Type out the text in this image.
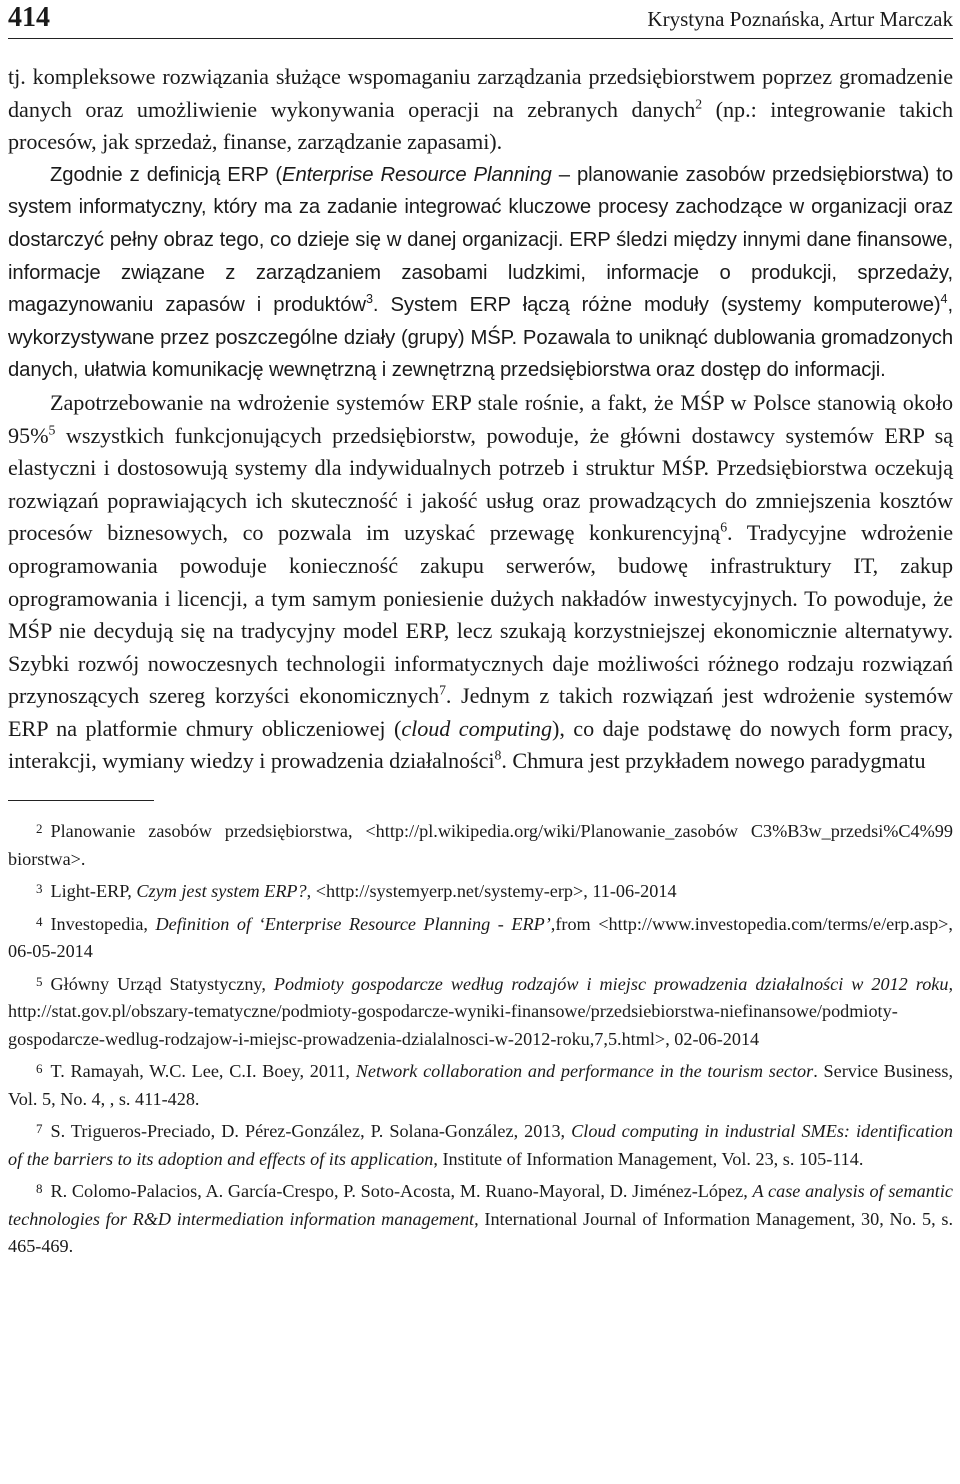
414	Krystyna Poznańska, Artur Marczak

tj. kompleksowe rozwiązania służące wspomaganiu zarządzania przedsiębiorstwem poprzez gromadzenie danych oraz umożliwienie wykonywania operacji na zebranych danych$^2$ (np.: integrowanie takich procesów, jak sprzedaż, finanse, zarządzanie zapasami).

Zgodnie z definicją ERP (Enterprise Resource Planning – planowanie zasobów przedsiębiorstwa) to system informatyczny, który ma za zadanie integrować kluczowe procesy zachodzące w organizacji oraz dostarczyć pełny obraz tego, co dzieje się w danej organizacji. ERP śledzi między innymi dane finansowe, informacje związane z zarządzaniem zasobami ludzkimi, informacje o produkcji, sprzedaży, magazynowaniu zapasów i produktów$^3$. System ERP łączą różne moduły (systemy komputerowe)$^4$, wykorzystywane przez poszczególne działy (grupy) MŚP. Pozawala to uniknąć dublowania gromadzonych danych, ułatwia komunikację wewnętrzną i zewnętrzną przedsiębiorstwa oraz dostęp do informacji.

Zapotrzebowanie na wdrożenie systemów ERP stale rośnie, a fakt, że MŚP w Polsce stanowią około 95%$^5$ wszystkich funkcjonujących przedsiębiorstw, powoduje, że główni dostawcy systemów ERP są elastyczni i dostosowują systemy dla indywidualnych potrzeb i struktur MŚP. Przedsiębiorstwa oczekują rozwiązań poprawiających ich skuteczność i jakość usług oraz prowadzących do zmniejszenia kosztów procesów biznesowych, co pozwala im uzyskać przewagę konkurencyjną$^6$. Tradycyjne wdrożenie oprogramowania powoduje konieczność zakupu serwerów, budowę infrastruktury IT, zakup oprogramowania i licencji, a tym samym poniesienie dużych nakładów inwestycyjnych. To powoduje, że MŚP nie decydują się na tradycyjny model ERP, lecz szukają korzystniejszej ekonomicznie alternatywy. Szybki rozwój nowoczesnych technologii informatycznych daje możliwości różnego rodzaju rozwiązań przynoszących szereg korzyści ekonomicznych$^7$. Jednym z takich rozwiązań jest wdrożenie systemów ERP na platformie chmury obliczeniowej (cloud computing), co daje podstawę do nowych form pracy, interakcji, wymiany wiedzy i prowadzenia działalności$^8$. Chmura jest przykładem nowego paradygmatu

$^2$ Planowanie zasobów przedsiębiorstwa, <http://pl.wikipedia.org/wiki/Planowanie_zasobów C3%B3w_przedsi%C4%99 biorstwa>.

$^3$ Light-ERP, Czym jest system ERP?, <http://systemyerp.net/systemy-erp>, 11-06-2014

$^4$ Investopedia, Definition of ‘Enterprise Resource Planning - ERP’,from <http://www.investopedia.com/terms/e/erp.asp>, 06-05-2014

$^5$ Główny Urząd Statystyczny, Podmioty gospodarcze według rodzajów i miejsc prowadzenia działalności w 2012 roku, http://stat.gov.pl/obszary-tematyczne/podmioty-gospodarcze-wyniki-finansowe/przedsiebiorstwa-niefinansowe/podmioty-gospodarcze-wedlug-rodzajow-i-miejsc-prowadzenia-dzialalnosci-w-2012-roku,7,5.html>, 02-06-2014

$^6$ T. Ramayah, W.C. Lee, C.I. Boey, 2011, Network collaboration and performance in the tourism sector. Service Business, Vol. 5, No. 4, , s. 411-428.

$^7$ S. Trigueros-Preciado, D. Pérez-González, P. Solana-González, 2013, Cloud computing in industrial SMEs: identification of the barriers to its adoption and effects of its application, Institute of Information Management, Vol. 23, s. 105-114.

$^8$ R. Colomo-Palacios, A. García-Crespo, P. Soto-Acosta, M. Ruano-Mayoral, D. Jiménez-López, A case analysis of semantic technologies for R&D intermediation information management, International Journal of Information Management, 30, No. 5, s. 465-469.
